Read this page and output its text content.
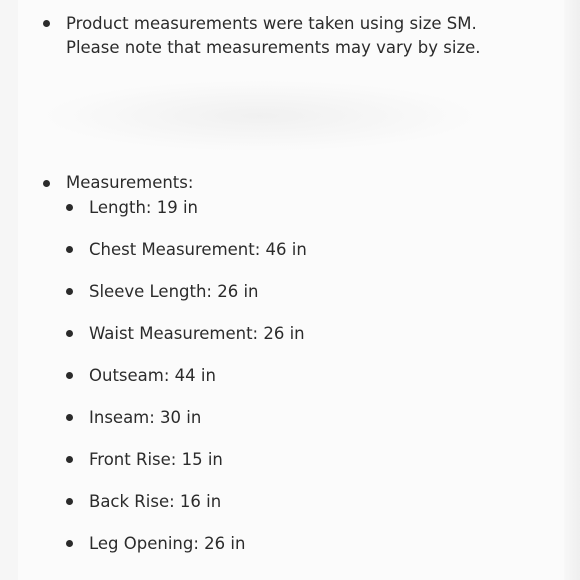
Product measurements were taken using size SM.
Please note that measurements may vary by size.
Measurements:
Length: 19 in
Chest Measurement: 46 in
Sleeve Length: 26 in
Waist Measurement: 26 in
Outseam: 44 in
Inseam: 30 in
Front Rise: 15 in
Back Rise: 16 in
Leg Opening: 26 in
